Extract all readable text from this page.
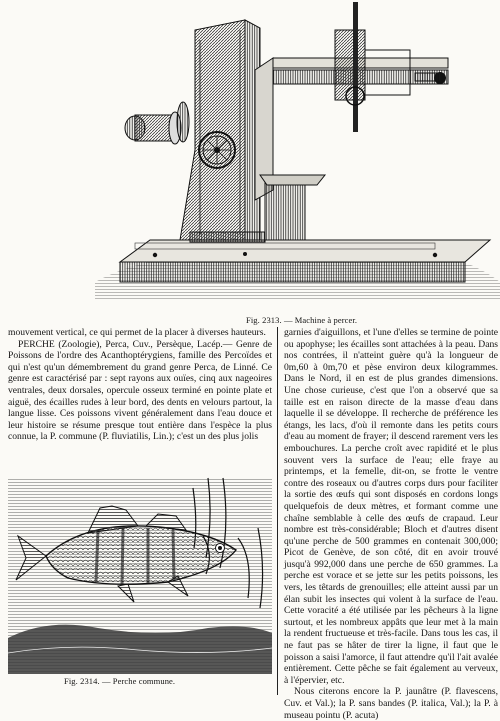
Fig. 2313. — Machine à percer.

mouvement vertical, ce qui permet de la placer à diverses hauteurs.

PERCHE (Zoologie), Perca, Cuv., Persèque, Lacép.— Genre de Poissons de l'ordre des Acanthoptérygiens, famille des Percoïdes et qui n'est qu'un démembrement du grand genre Perca, de Linné. Ce genre est caractérisé par : sept rayons aux ouïes, cinq aux nageoires ventrales, deux dorsales, opercule osseux terminé en pointe plate et aiguë, des écailles rudes à leur bord, des dents en velours partout, la langue lisse. Ces poissons vivent généralement dans l'eau douce et leur histoire se résume presque tout entière dans l'espèce la plus connue, la P. commune (P. fluviatilis, Lin.); c'est un des plus jolis

Fig. 2314. — Perche commune.

garnies d'aiguillons, et l'une d'elles se termine de pointe ou apophyse; les écailles sont attachées à la peau. Dans nos contrées, il n'atteint guère qu'à la longueur de 0m,60 à 0m,70 et pèse environ deux kilogrammes. Dans le Nord, il en est de plus grandes dimensions. Une chose curieuse, c'est que l'on a observé que sa taille est en raison directe de la masse d'eau dans laquelle il se développe. Il recherche de préférence les étangs, les lacs, d'où il remonte dans les petits cours d'eau au moment de frayer; il descend rarement vers les embouchures. La perche croît avec rapidité et le plus souvent vers la surface de l'eau; elle fraye au printemps, et la femelle, dit-on, se frotte le ventre contre des roseaux ou d'autres corps durs pour faciliter la sortie des œufs qui sont disposés en cordons longs quelquefois de deux mètres, et formant comme une chaîne semblable à celle des œufs de crapaud. Leur nombre est très-considérable; Bloch et d'autres disent qu'une perche de 500 grammes en contenait 300,000; Picot de Genève, de son côté, dit en avoir trouvé jusqu'à 992,000 dans une perche de 650 grammes. La perche est vorace et se jette sur les petits poissons, les vers, les têtards de grenouilles; elle atteint aussi par un élan subit les insectes qui volent à la surface de l'eau. Cette voracité a été utilisée par les pêcheurs à la ligne surtout, et les nombreux appâts que leur met à la main la rendent fructueuse et très-facile. Dans tous les cas, il ne faut pas se hâter de tirer la ligne, il faut que le poisson a saisi l'amorce, il faut attendre qu'il l'ait avalée entièrement. Cette pêche se fait également au verveux, à l'épervier, etc.

Nous citerons encore la P. jaunâtre (P. flavescens, Cuv. et Val.); la P. sans bandes (P. italica, Val.); la P. à museau pointu (P. acuta)
